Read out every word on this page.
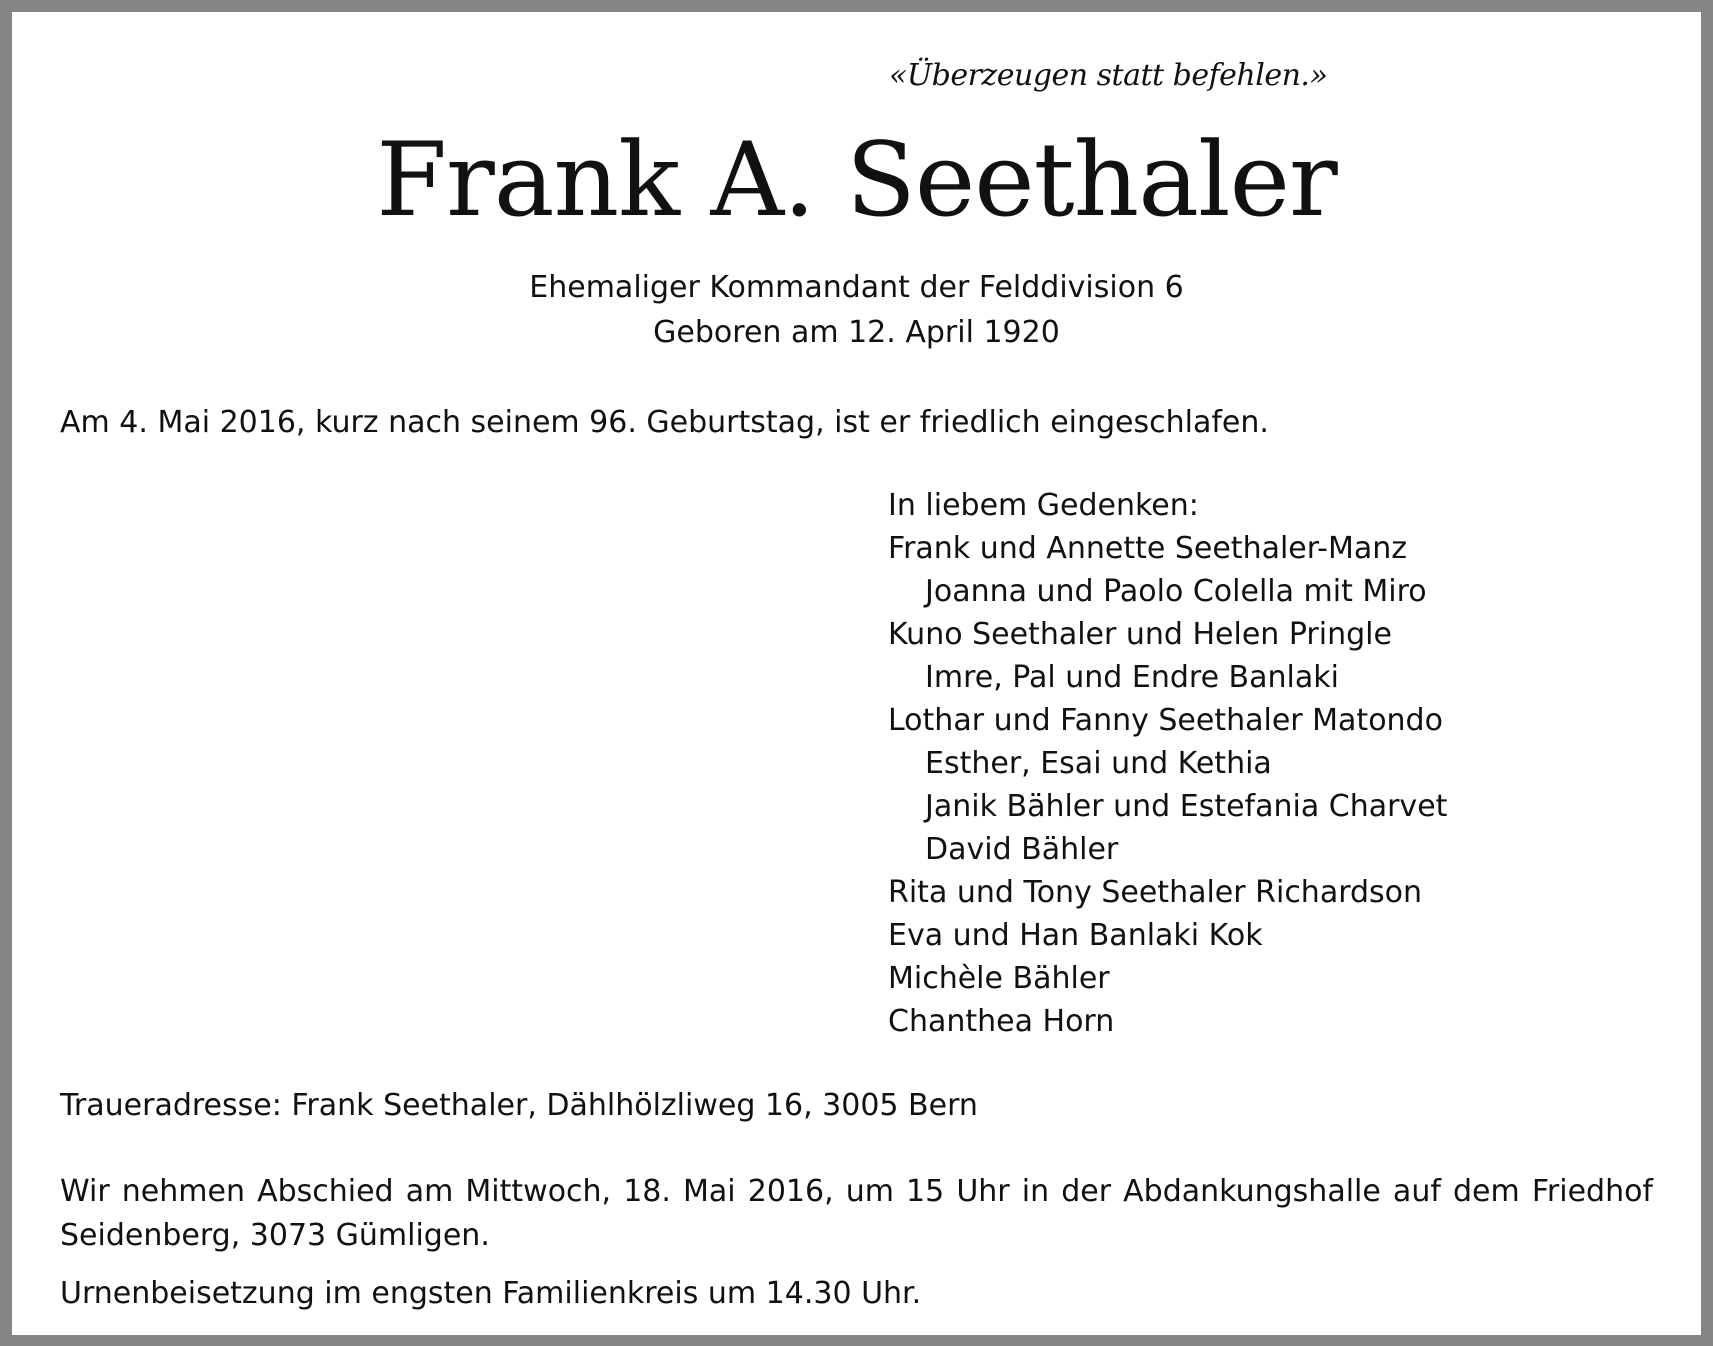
«Überzeugen statt befehlen.»
Frank A. Seethaler
Ehemaliger Kommandant der Felddivision 6
Geboren am 12. April 1920
Am 4. Mai 2016, kurz nach seinem 96. Geburtstag, ist er friedlich eingeschlafen.
In liebem Gedenken:
Frank und Annette Seethaler-Manz
Joanna und Paolo Colella mit Miro
Kuno Seethaler und Helen Pringle
Imre, Pal und Endre Banlaki
Lothar und Fanny Seethaler Matondo
Esther, Esai und Kethia
Janik Bähler und Estefania Charvet
David Bähler
Rita und Tony Seethaler Richardson
Eva und Han Banlaki Kok
Michèle Bähler
Chanthea Horn
Traueradresse: Frank Seethaler, Dählhölzliweg 16, 3005 Bern
Wir nehmen Abschied am Mittwoch, 18. Mai 2016, um 15 Uhr in der Abdankungshalle auf dem Friedhof Seidenberg, 3073 Gümligen.
Urnenbeisetzung im engsten Familienkreis um 14.30 Uhr.
